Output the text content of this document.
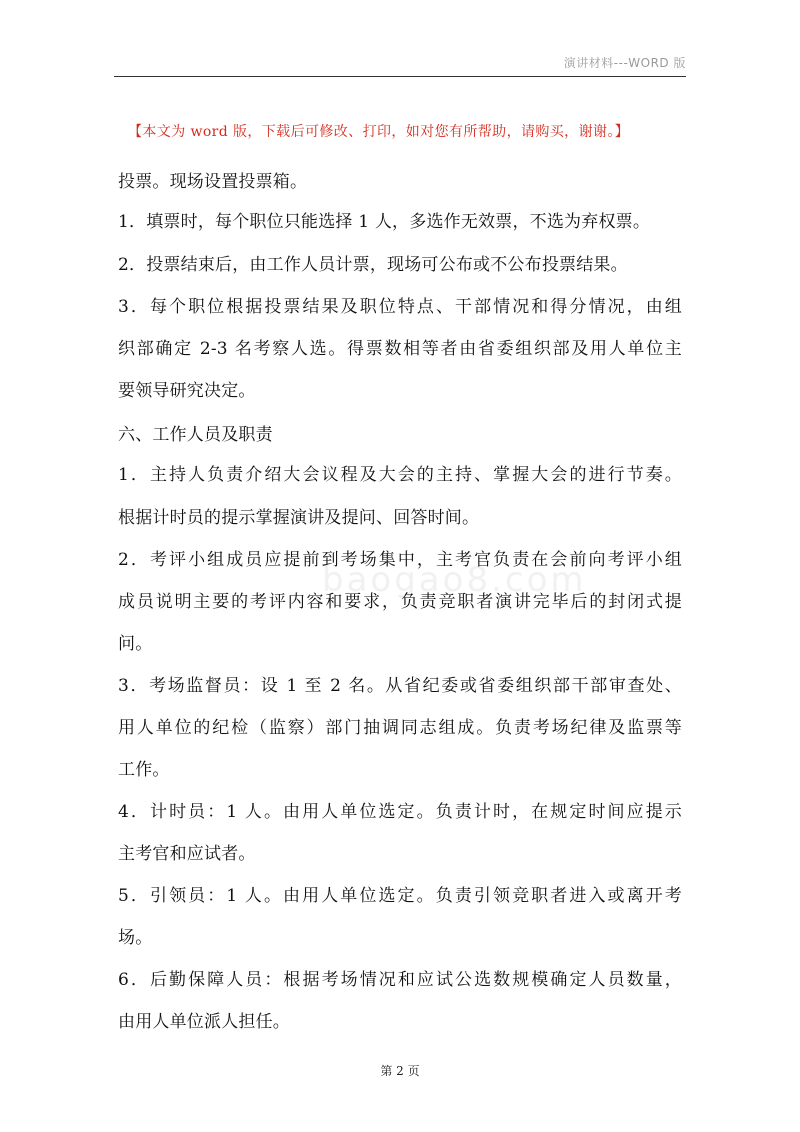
演讲材料---WORD 版
【本文为 word 版，下载后可修改、打印，如对您有所帮助，请购买，谢谢。】
baogao8.com
投票。现场设置投票箱。
1．填票时，每个职位只能选择 1 人，多选作无效票，不选为弃权票。
2．投票结束后，由工作人员计票，现场可公布或不公布投票结果。
3．每个职位根据投票结果及职位特点、干部情况和得分情况，由组
织部确定 2-3 名考察人选。得票数相等者由省委组织部及用人单位主
要领导研究决定。
六、工作人员及职责
1．主持人负责介绍大会议程及大会的主持、掌握大会的进行节奏。
根据计时员的提示掌握演讲及提问、回答时间。
2．考评小组成员应提前到考场集中，主考官负责在会前向考评小组
成员说明主要的考评内容和要求，负责竞职者演讲完毕后的封闭式提
问。
3．考场监督员：设 1 至 2 名。从省纪委或省委组织部干部审查处、
用人单位的纪检（监察）部门抽调同志组成。负责考场纪律及监票等
工作。
4．计时员：1 人。由用人单位选定。负责计时，在规定时间应提示
主考官和应试者。
5．引领员：1 人。由用人单位选定。负责引领竞职者进入或离开考
场。
6．后勤保障人员：根据考场情况和应试公选数规模确定人员数量，
由用人单位派人担任。
第 2 页
